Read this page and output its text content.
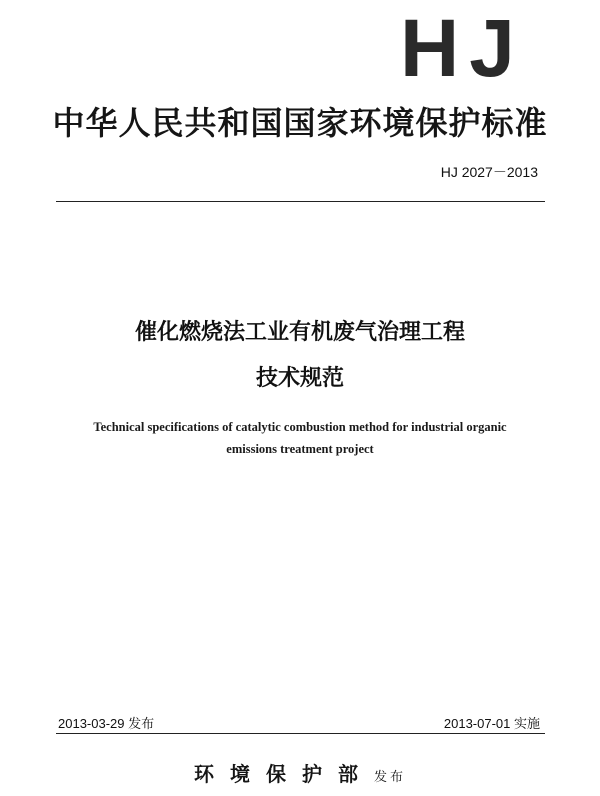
HJ
中华人民共和国国家环境保护标准
HJ 2027－2013
催化燃烧法工业有机废气治理工程
技术规范
Technical specifications of catalytic combustion method for industrial organic
emissions treatment project
2013-03-29 发布	2013-07-01 实施
环境保护部发布
